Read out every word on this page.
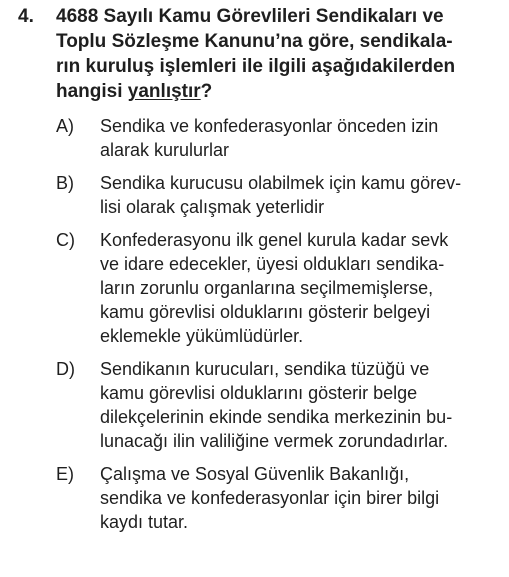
4. 4688 Sayılı Kamu Görevlileri Sendikaları ve
Toplu Sözleşme Kanunu’na göre, sendikala-
rın kuruluş işlemleri ile ilgili aşağıdakilerden
hangisi yanlıştır?
A) Sendika ve konfederasyonlar önceden izin
alarak kurulurlar
B) Sendika kurucusu olabilmek için kamu görev-
lisi olarak çalışmak yeterlidir
C) Konfederasyonu ilk genel kurula kadar sevk
ve idare edecekler, üyesi oldukları sendika-
ların zorunlu organlarına seçilmemişlerse,
kamu görevlisi olduklarını gösterir belgeyi
eklemekle yükümlüdürler.
D) Sendikanın kurucuları, sendika tüzüğü ve
kamu görevlisi olduklarını gösterir belge
dilekçelerinin ekinde sendika merkezinin bu-
lunacağı ilin valiliğine vermek zorundadırlar.
E) Çalışma ve Sosyal Güvenlik Bakanlığı,
sendika ve konfederasyonlar için birer bilgi
kaydı tutar.
